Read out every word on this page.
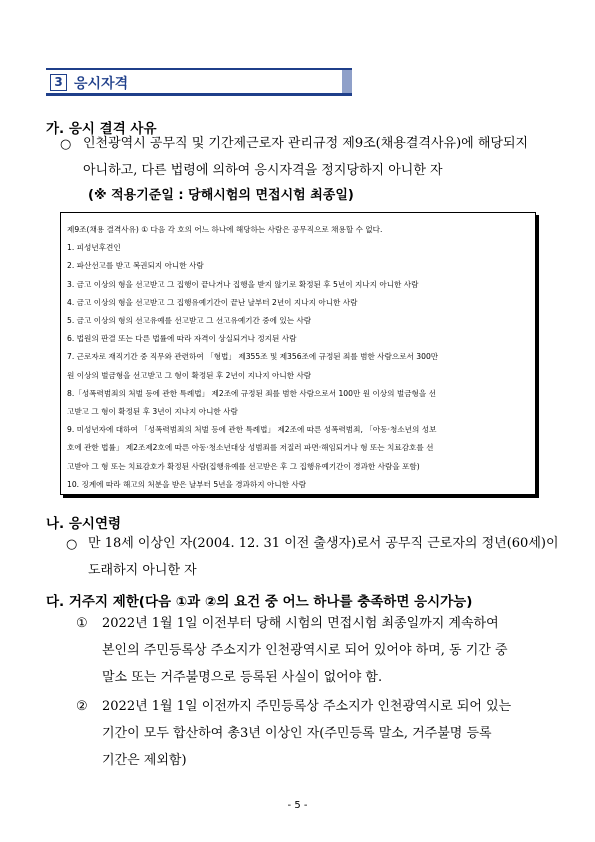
3 응시자격
가. 응시 결격 사유
○ 인천광역시 공무직 및 기간제근로자 관리규정 제9조(채용결격사유)에 해당되지
아니하고, 다른 법령에 의하여 응시자격을 정지당하지 아니한 자
(※ 적용기준일 : 당해시험의 면접시험 최종일)
제9조(채용 결격사유) ① 다음 각 호의 어느 하나에 해당하는 사람은 공무직으로 채용할 수 없다.
1. 피성년후견인
2. 파산선고를 받고 복권되지 아니한 사람
3. 금고 이상의 형을 선고받고 그 집행이 끝나거나 집행을 받지 않기로 확정된 후 5년이 지나지 아니한 사람
4. 금고 이상의 형을 선고받고 그 집행유예기간이 끝난 날부터 2년이 지나지 아니한 사람
5. 금고 이상의 형의 선고유예를 선고받고 그 선고유예기간 중에 있는 사람
6. 법원의 판결 또는 다른 법률에 따라 자격이 상실되거나 정지된 사람
7. 근로자로 재직기간 중 직무와 관련하여 「형법」 제355조 및 제356조에 규정된 죄를 범한 사람으로서 300만
원 이상의 벌금형을 선고받고 그 형이 확정된 후 2년이 지나지 아니한 사람
8.「성폭력범죄의 처벌 등에 관한 특례법」 제2조에 규정된 죄를 범한 사람으로서 100만 원 이상의 벌금형을 선
고받고 그 형이 확정된 후 3년이 지나지 아니한 사람
9. 미성년자에 대하여 「성폭력범죄의 처벌 등에 관한 특례법」 제2조에 따른 성폭력범죄, 「아동·청소년의 성보
호에 관한 법률」 제2조제2호에 따른 아동·청소년대상 성범죄를 저질러 파면·해임되거나 형 또는 치료감호를 선
고받아 그 형 또는 치료감호가 확정된 사람(집행유예를 선고받은 후 그 집행유예기간이 경과한 사람을 포함)
10. 징계에 따라 해고의 처분을 받은 날부터 5년을 경과하지 아니한 사람
나. 응시연령
○ 만 18세 이상인 자(2004. 12. 31 이전 출생자)로서 공무직 근로자의 정년(60세)이
도래하지 아니한 자
다. 거주지 제한(다음 ①과 ②의 요건 중 어느 하나를 충족하면 응시가능)
① 2022년 1월 1일 이전부터 당해 시험의 면접시험 최종일까지 계속하여
본인의 주민등록상 주소지가 인천광역시로 되어 있어야 하며, 동 기간 중
말소 또는 거주불명으로 등록된 사실이 없어야 함.
② 2022년 1월 1일 이전까지 주민등록상 주소지가 인천광역시로 되어 있는
기간이 모두 합산하여 총3년 이상인 자(주민등록 말소, 거주불명 등록
기간은 제외함)
- 5 -
